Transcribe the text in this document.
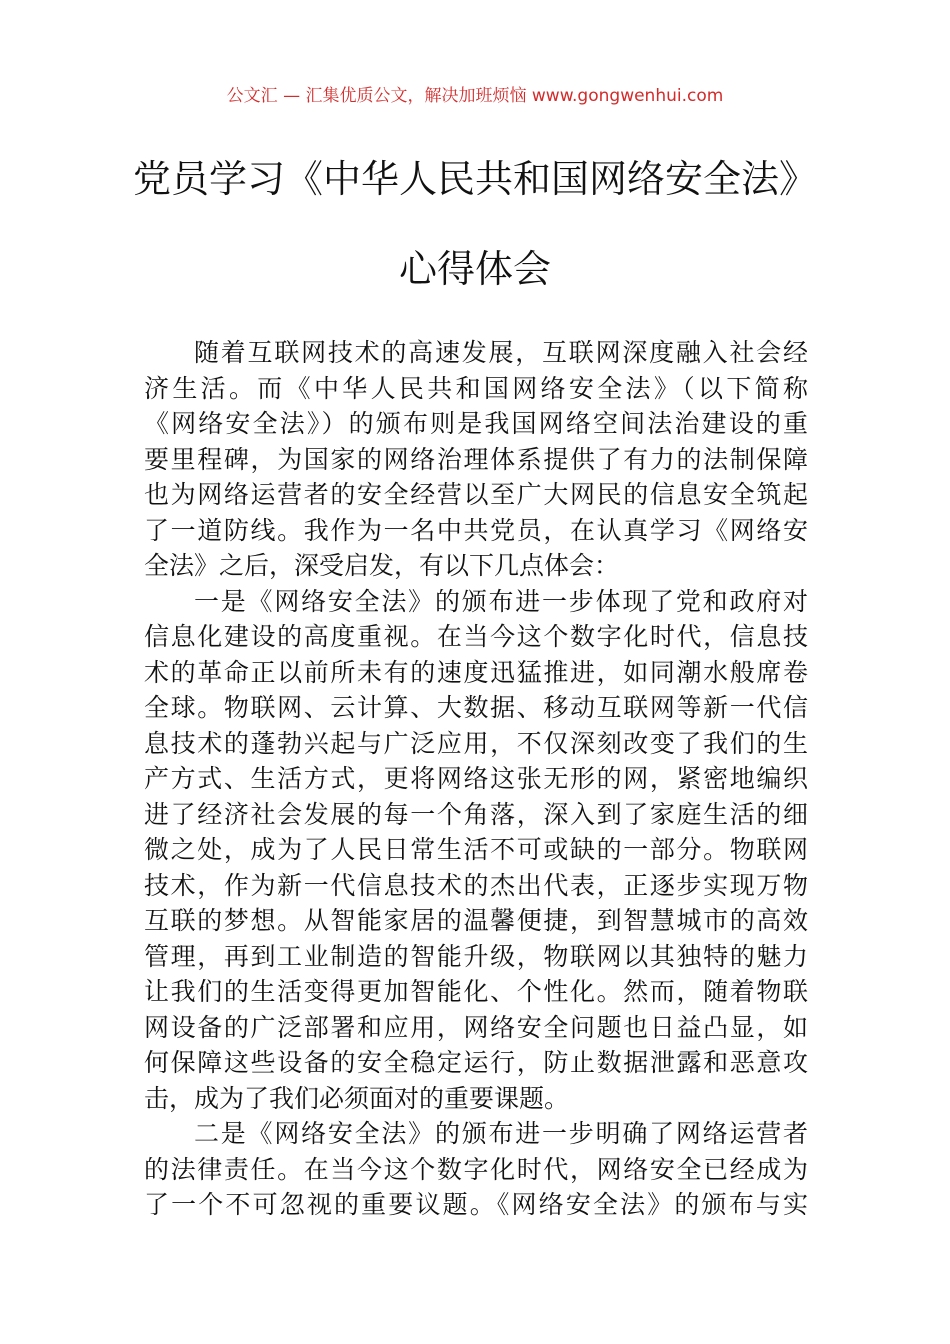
公文汇 — 汇集优质公文，解决加班烦恼 www.gongwenhui.com
党员学习《中华人民共和国网络安全法》
心得体会
随着互联网技术的高速发展，互联网深度融入社会经
济生活。而《中华人民共和国网络安全法》（以下简称
《网络安全法》）的颁布则是我国网络空间法治建设的重
要里程碑，为国家的网络治理体系提供了有力的法制保障
也为网络运营者的安全经营以至广大网民的信息安全筑起
了一道防线。我作为一名中共党员，在认真学习《网络安
全法》之后，深受启发，有以下几点体会：
一是《网络安全法》的颁布进一步体现了党和政府对
信息化建设的高度重视。在当今这个数字化时代，信息技
术的革命正以前所未有的速度迅猛推进，如同潮水般席卷
全球。物联网、云计算、大数据、移动互联网等新一代信
息技术的蓬勃兴起与广泛应用，不仅深刻改变了我们的生
产方式、生活方式，更将网络这张无形的网，紧密地编织
进了经济社会发展的每一个角落，深入到了家庭生活的细
微之处，成为了人民日常生活不可或缺的一部分。物联网
技术，作为新一代信息技术的杰出代表，正逐步实现万物
互联的梦想。从智能家居的温馨便捷，到智慧城市的高效
管理，再到工业制造的智能升级，物联网以其独特的魅力
让我们的生活变得更加智能化、个性化。然而，随着物联
网设备的广泛部署和应用，网络安全问题也日益凸显，如
何保障这些设备的安全稳定运行，防止数据泄露和恶意攻
击，成为了我们必须面对的重要课题。
二是《网络安全法》的颁布进一步明确了网络运营者
的法律责任。在当今这个数字化时代，网络安全已经成为
了一个不可忽视的重要议题。《网络安全法》的颁布与实
